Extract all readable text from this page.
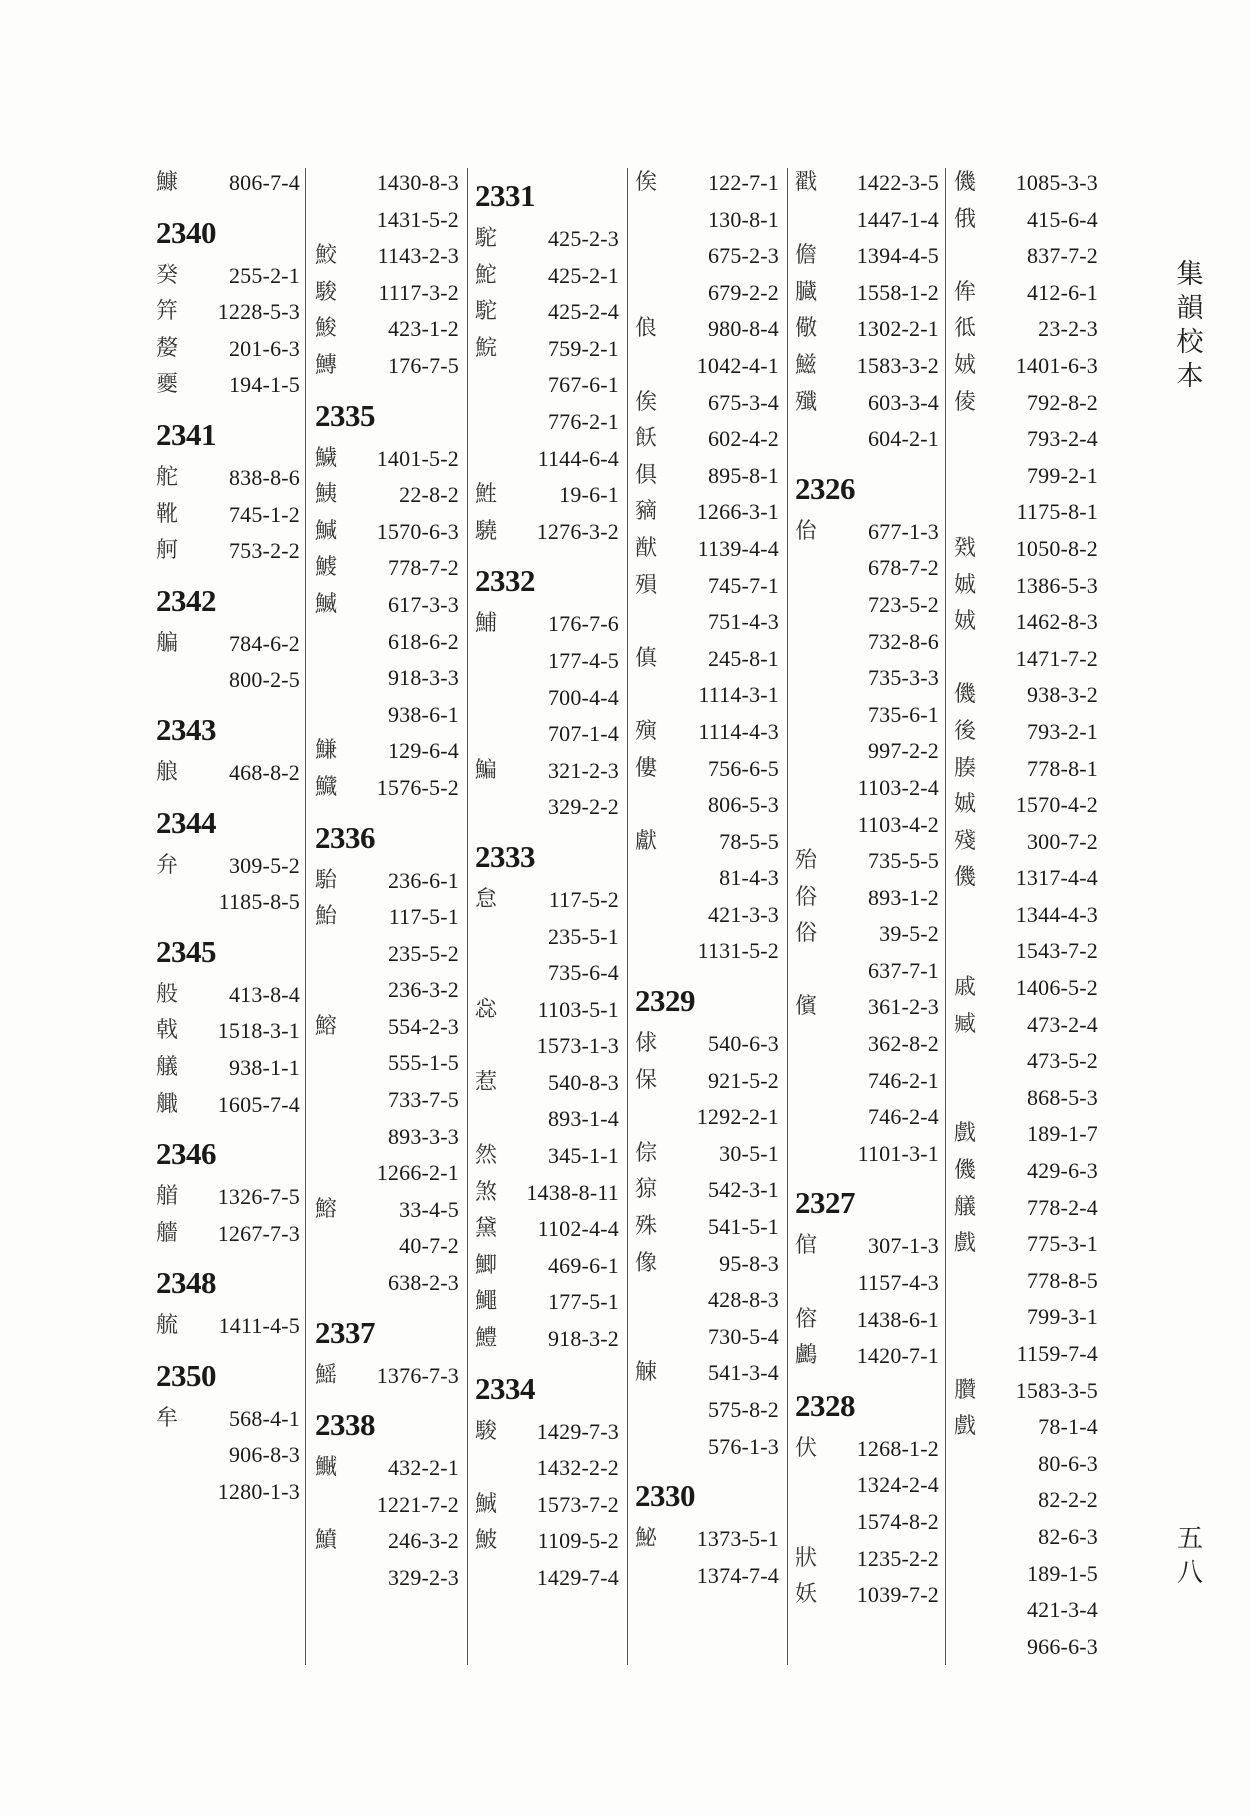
鱇 806-7-4
2340
癸 255-2-1
筓 1228-5-3
嫠 201-6-3
夒 194-1-5
2341
舵 838-8-6
靴 745-1-2
舸 753-2-2
2342
艑 784-6-2
800-2-5
2343
艆 468-8-2
2344
弁 309-5-2
1185-8-5
2345
般 413-8-4
戟 1518-3-1
艤 938-1-1
艥 1605-7-4
2346
艏 1326-7-5
艢 1267-7-3
2348
艈 1411-4-5
2350
牟 568-4-1
906-8-3
1280-1-3
1430-8-3
1431-5-2
鮫 1143-2-3
駿 1117-3-2
鮻 423-1-2
鱄 176-7-5
2335
鱥 1401-5-2
鮧	22-8-2
鰔 1570-6-3
鰬 778-7-2
鰄 617-3-3
618-6-2
918-3-3
938-6-1
鰜 129-6-4
鱵 1576-5-2
2336
駘 236-6-1
鮐 117-5-1
235-5-2
236-3-2
鰫 554-2-3
555-1-5
733-7-5
893-3-3
1266-2-1
鰫	33-4-5
40-7-2
638-2-3
2337
鰩 1376-7-3
2338
鱡 432-2-1
1221-7-2
鱝 246-3-2
329-2-3
2331
駝 425-2-3
鮀 425-2-1
駝 425-2-4
鯇 759-2-1
767-6-1
776-2-1
1144-6-4
鮏	19-6-1
驍 1276-3-2
2332
鯆 176-7-6
177-4-5
700-4-4
707-1-4
鯿 321-2-3
329-2-2
2333
怠 117-5-2
235-5-1
735-6-4
惢 1103-5-1
1573-1-3
惹 540-8-3
893-1-4
然 345-1-1
煞 1438-8-11
黛 1102-4-4
鯽 469-6-1
鱦 177-5-1
鱧 918-3-2
2334
駿 1429-7-3
1432-2-2
鯎 1573-7-2
鮍 1109-5-2
1429-7-4
俟 122-7-1
130-8-1
675-2-3
679-2-2
俍 980-8-4
1042-4-1
俟 675-3-4
飫 602-4-2
俱 895-8-1
豴 1266-3-1
猷 1139-4-4
殞 745-7-1
751-4-3
傎 245-8-1
1114-3-1
殥 1114-4-3
僂 756-6-5
806-5-3
獻	78-5-5
81-4-3
421-3-3
1131-5-2
2329
俅 540-6-3
保 921-5-2
1292-2-1
倧	30-5-1
猄 542-3-1
殊 541-5-1
像	95-8-3
428-8-3
730-5-4
觫 541-3-4
575-8-2
576-1-3
2330
鮅 1373-5-1
1374-7-4
戳 1422-3-5
1447-1-4
儋 1394-4-5
臓 1558-1-2
儆 1302-2-1
鰦 1583-3-2
殲 603-3-4
604-2-1
2326
佁 677-1-3
678-7-2
723-5-2
732-8-6
735-3-3
735-6-1
997-2-2
1103-2-4
1103-4-2
殆 735-5-5
俗 893-1-2
俗	39-5-2
637-7-1
儐 361-2-3
362-8-2
746-2-1
746-2-4
1101-3-1
2327
倌 307-1-3
1157-4-3
傛 1438-6-1
鸕 1420-7-1
2328
伏 1268-1-2
1324-2-4
1574-8-2
狀 1235-2-2
妖 1039-7-2
僟 1085-3-3
俄 415-6-4
837-7-2
侔 412-6-1
彽	23-2-3
娀 1401-6-3
倰 792-8-2
793-2-4
799-2-1
1175-8-1
戣 1050-8-2
娍 1386-5-3
娀 1462-8-3
1471-7-2
僟 938-3-2
後 793-2-1
腠 778-8-1
娍 1570-4-2
殘 300-7-2
僟 1317-4-4
1344-4-3
1543-7-2
戚 1406-5-2
臧 473-2-4
473-5-2
868-5-3
戲 189-1-7
僟 429-6-3
艤 778-2-4
戲 775-3-1
778-8-5
799-3-1
1159-7-4
臢 1583-3-5
戲	78-1-4
80-6-3
82-2-2
82-6-3
189-1-5
421-3-4
966-6-3
集韻校本
五八
